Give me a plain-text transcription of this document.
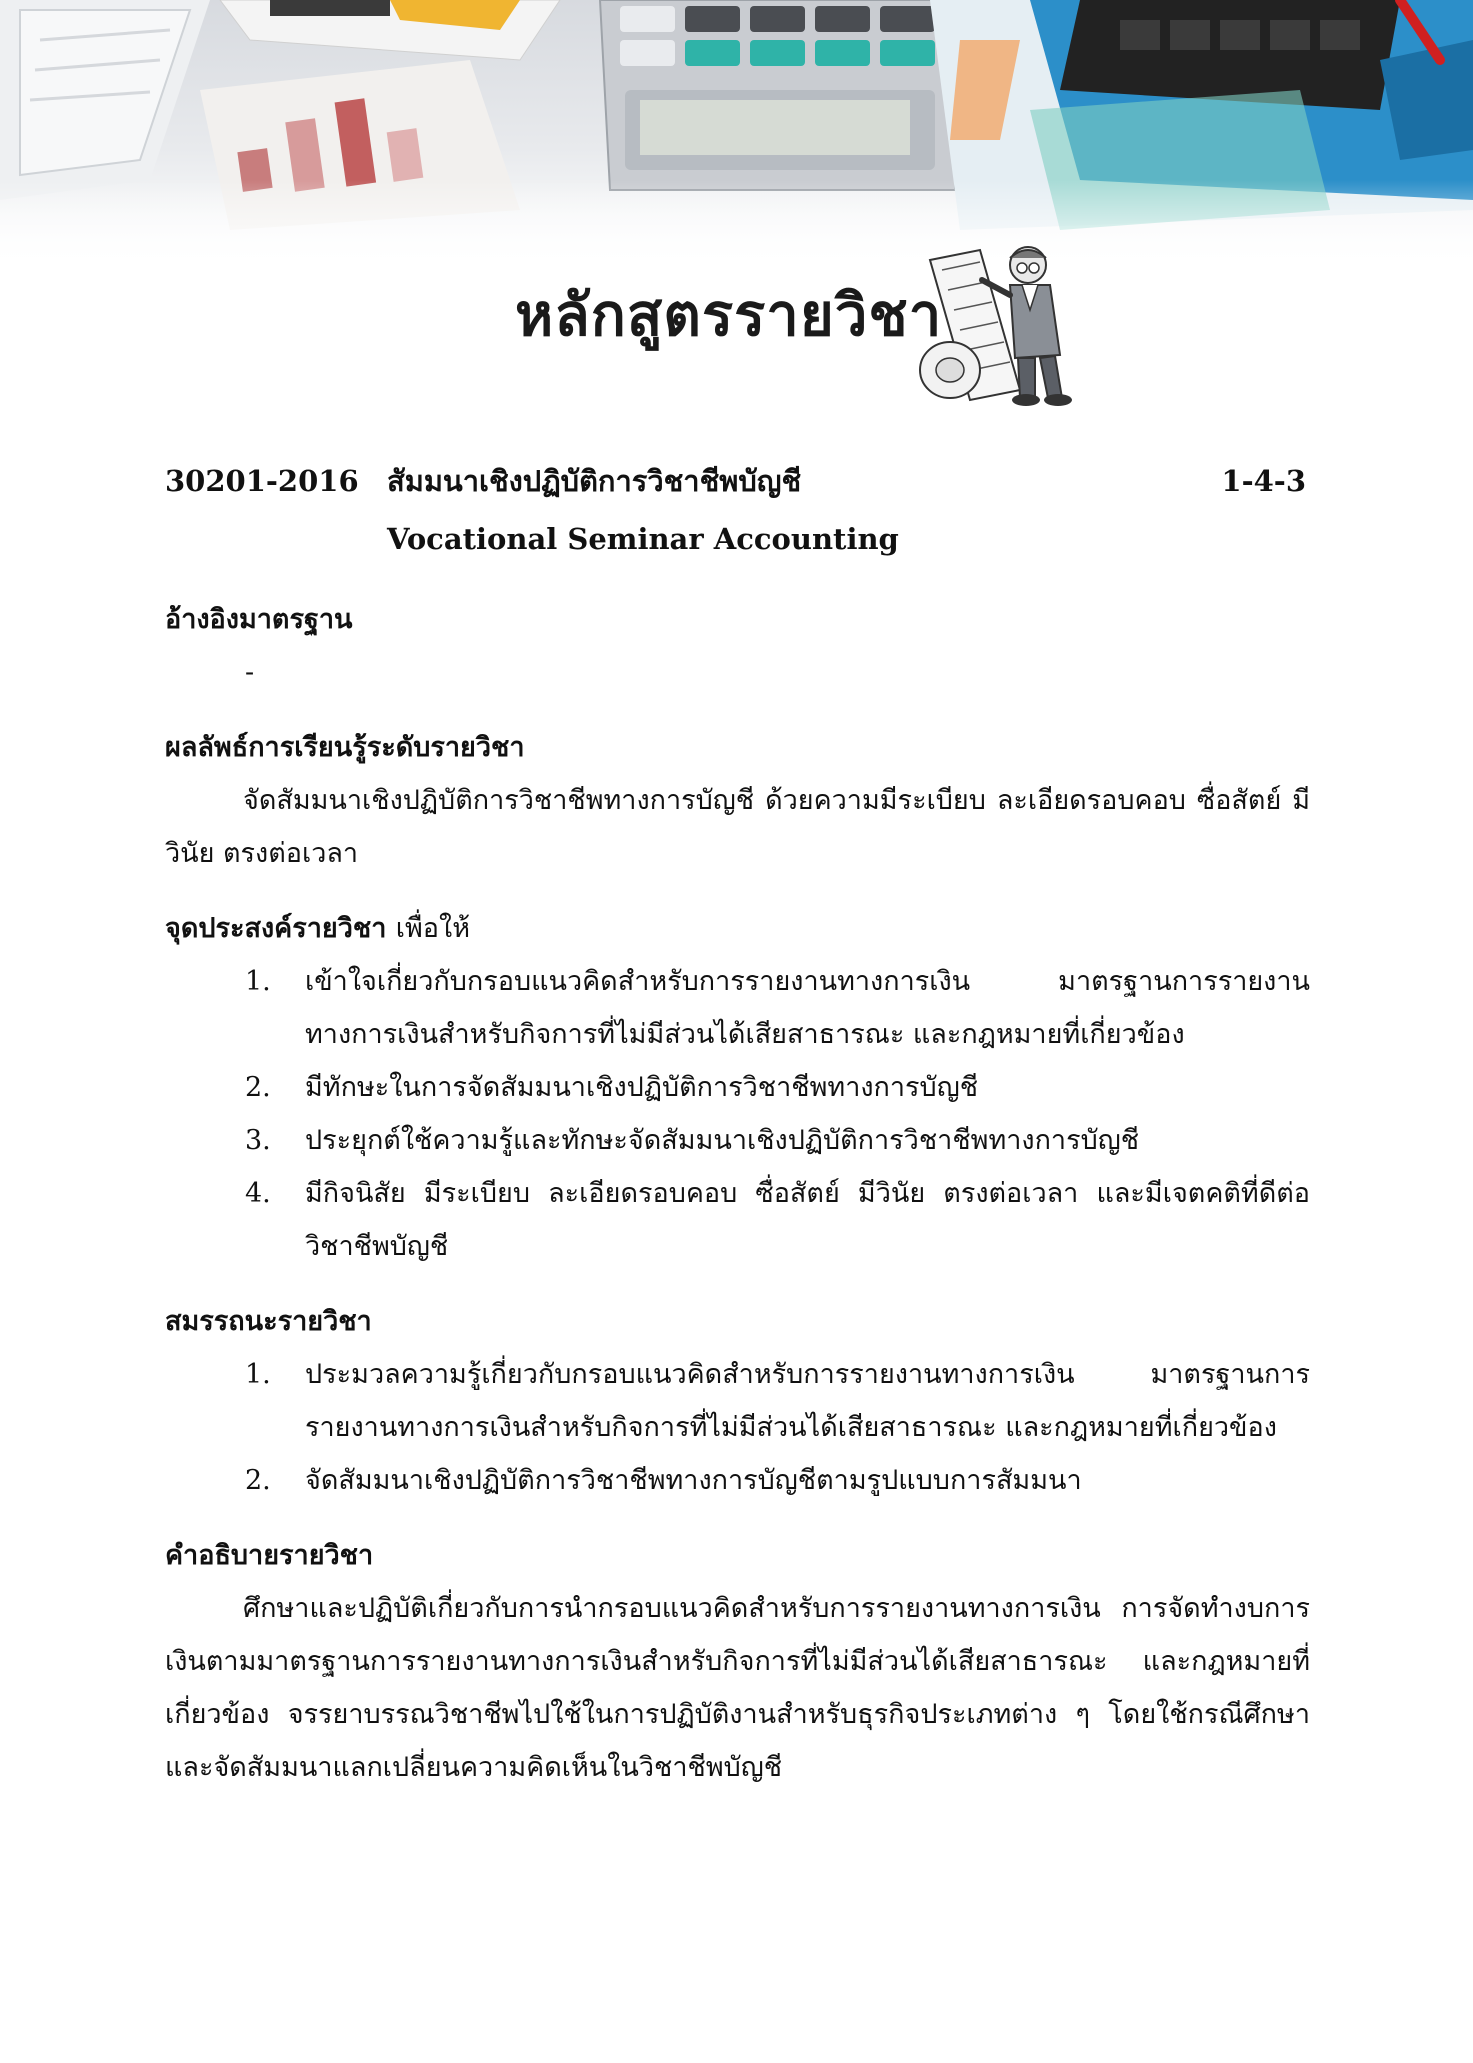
หลักสูตรรายวิชา
30201-2016 สัมมนาเชิงปฏิบัติการวิชาชีพบัญชี	1-4-3
Vocational Seminar Accounting
อ้างอิงมาตรฐาน
-
ผลลัพธ์การเรียนรู้ระดับรายวิชา
จัดสัมมนาเชิงปฏิบัติการวิชาชีพทางการบัญชี ด้วยความมีระเบียบ ละเอียดรอบคอบ ซื่อสัตย์ มีวินัย ตรงต่อเวลา
จุดประสงค์รายวิชา เพื่อให้
1. เข้าใจเกี่ยวกับกรอบแนวคิดสำหรับการรายงานทางการเงิน มาตรฐานการรายงานทางการเงินสำหรับกิจการที่ไม่มีส่วนได้เสียสาธารณะ และกฎหมายที่เกี่ยวข้อง
2. มีทักษะในการจัดสัมมนาเชิงปฏิบัติการวิชาชีพทางการบัญชี
3. ประยุกต์ใช้ความรู้และทักษะจัดสัมมนาเชิงปฏิบัติการวิชาชีพทางการบัญชี
4. มีกิจนิสัย มีระเบียบ ละเอียดรอบคอบ ซื่อสัตย์ มีวินัย ตรงต่อเวลา และมีเจตคติที่ดีต่อวิชาชีพบัญชี
สมรรถนะรายวิชา
1. ประมวลความรู้เกี่ยวกับกรอบแนวคิดสำหรับการรายงานทางการเงิน มาตรฐานการรายงานทางการเงินสำหรับกิจการที่ไม่มีส่วนได้เสียสาธารณะ และกฎหมายที่เกี่ยวข้อง
2. จัดสัมมนาเชิงปฏิบัติการวิชาชีพทางการบัญชีตามรูปแบบการสัมมนา
คำอธิบายรายวิชา
ศึกษาและปฏิบัติเกี่ยวกับการนำกรอบแนวคิดสำหรับการรายงานทางการเงิน การจัดทำงบการเงินตามมาตรฐานการรายงานทางการเงินสำหรับกิจการที่ไม่มีส่วนได้เสียสาธารณะ และกฎหมายที่เกี่ยวข้อง จรรยาบรรณวิชาชีพไปใช้ในการปฏิบัติงานสำหรับธุรกิจประเภทต่าง ๆ โดยใช้กรณีศึกษา และจัดสัมมนาแลกเปลี่ยนความคิดเห็นในวิชาชีพบัญชี
